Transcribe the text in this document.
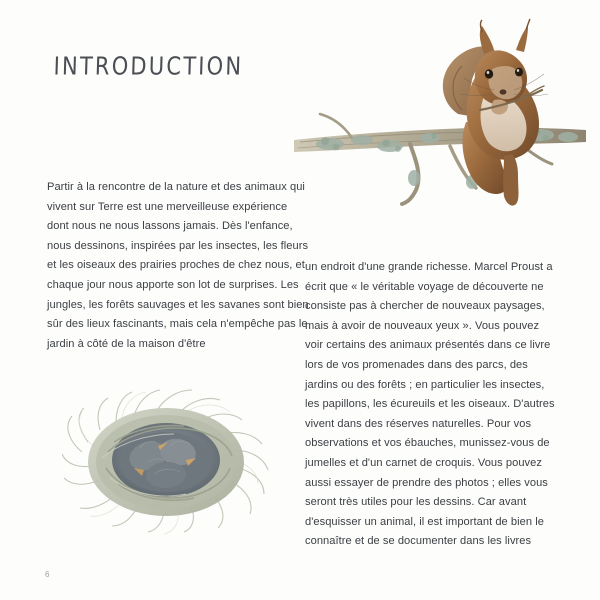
INTRODUCTION

Partir à la rencontre de la nature et des animaux qui vivent sur Terre est une merveilleuse expérience dont nous ne nous lassons jamais. Dès l'enfance, nous dessinons, inspirées par les insectes, les fleurs et les oiseaux des prairies proches de chez nous, et chaque jour nous apporte son lot de surprises. Les jungles, les forêts sauvages et les savanes sont bien sûr des lieux fascinants, mais cela n'empêche pas le jardin à côté de la maison d'être

un endroit d'une grande richesse. Marcel Proust a écrit que « le véritable voyage de découverte ne consiste pas à chercher de nouveaux paysages, mais à avoir de nouveaux yeux ». Vous pouvez voir certains des animaux présentés dans ce livre lors de vos promenades dans des parcs, des jardins ou des forêts ; en particulier les insectes, les papillons, les écureuils et les oiseaux. D'autres vivent dans des réserves naturelles. Pour vos observations et vos ébauches, munissez-vous de jumelles et d'un carnet de croquis. Vous pouvez aussi essayer de prendre des photos ; elles vous seront très utiles pour les dessins. Car avant d'esquisser un animal, il est important de bien le connaître et de se documenter dans les livres

6
